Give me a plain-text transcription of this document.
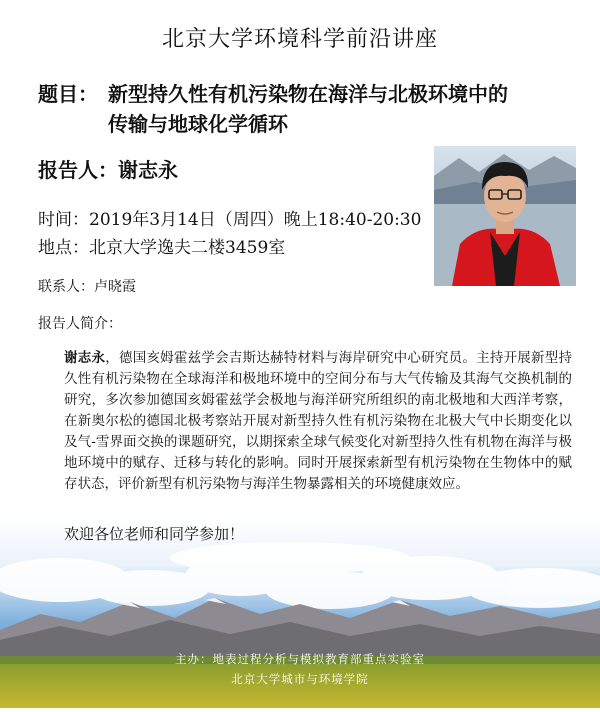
北京大学环境科学前沿讲座
题目： 新型持久性有机污染物在海洋与北极环境中的
传输与地球化学循环
报告人：谢志永
时间：2019年3月14日（周四）晚上18:40-20:30
地点：北京大学逸夫二楼3459室
联系人：卢晓霞
报告人简介：
谢志永，德国亥姆霍兹学会吉斯达赫特材料与海岸研究中心研究员。主持开展新型持久性有机污染物在全球海洋和极地环境中的空间分布与大气传输及其海气交换机制的研究，多次参加德国亥姆霍兹学会极地与海洋研究所组织的南北极地和大西洋考察，在新奥尔松的德国北极考察站开展对新型持久性有机污染物在北极大气中长期变化以及气-雪界面交换的课题研究，以期探索全球气候变化对新型持久性有机物在海洋与极地环境中的赋存、迁移与转化的影响。同时开展探索新型有机污染物在生物体中的赋存状态，评价新型有机污染物与海洋生物暴露相关的环境健康效应。
欢迎各位老师和同学参加！
主办：地表过程分析与模拟教育部重点实验室
北京大学城市与环境学院
